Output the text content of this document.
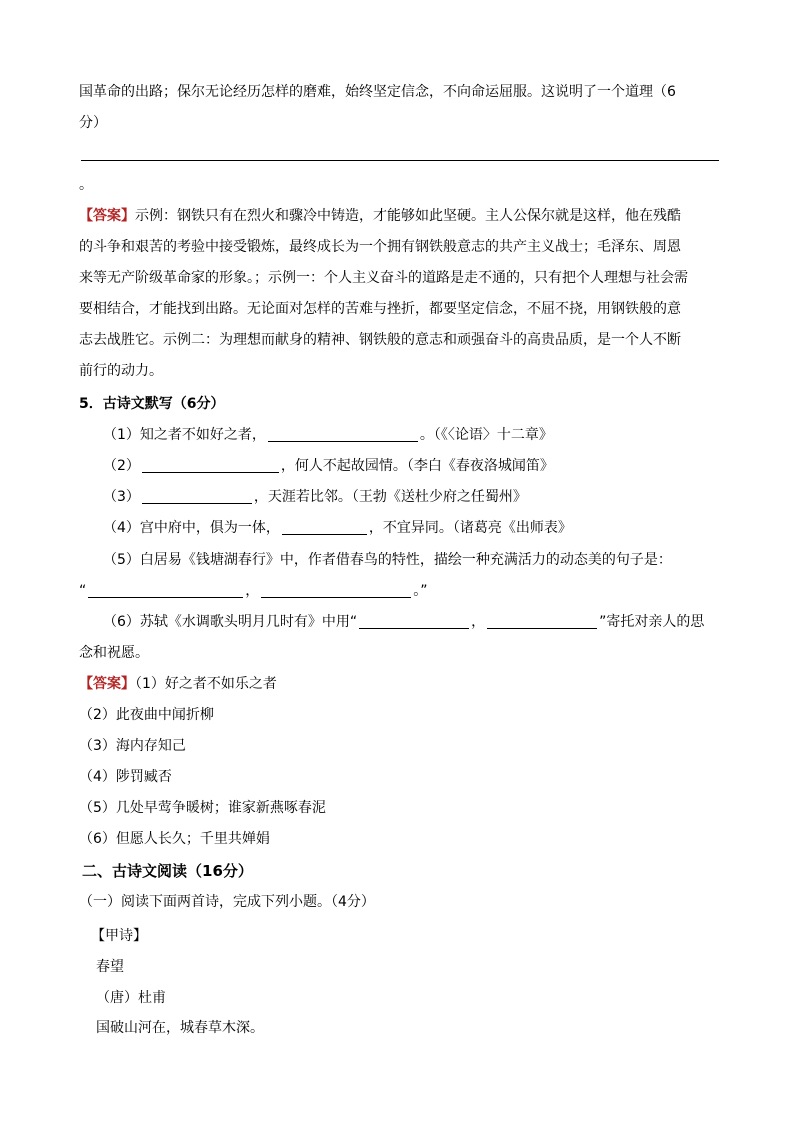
国革命的出路；保尔无论经历怎样的磨难，始终坚定信念，不向命运屈服。这说明了一个道理（6
分）
。
【答案】示例：钢铁只有在烈火和骤冷中铸造，才能够如此坚硬。主人公保尔就是这样，他在残酷
的斗争和艰苦的考验中接受锻炼，最终成长为一个拥有钢铁般意志的共产主义战士；毛泽东、周恩
来等无产阶级革命家的形象。；示例一：个人主义奋斗的道路是走不通的，只有把个人理想与社会需
要相结合，才能找到出路。无论面对怎样的苦难与挫折，都要坚定信念，不屈不挠，用钢铁般的意
志去战胜它。示例二：为理想而献身的精神、钢铁般的意志和顽强奋斗的高贵品质，是一个人不断
前行的动力。
5．古诗文默写（6分）
（1）知之者不如好之者，	。（《〈论语〉十二章》
（2）	，何人不起故园情。（李白《春夜洛城闻笛》
（3）	，天涯若比邻。（王勃《送杜少府之任蜀州》
（4）宫中府中，俱为一体，	，不宜异同。（诸葛亮《出师表》
（5）白居易《钱塘湖春行》中，作者借春鸟的特性，描绘一种充满活力的动态美的句子是：
“	，	。”
（6）苏轼《水调歌头明月几时有》中用“	，	”寄托对亲人的思
念和祝愿。
【答案】（1）好之者不如乐之者
（2）此夜曲中闻折柳
（3）海内存知己
（4）陟罚臧否
（5）几处早莺争暖树；谁家新燕啄春泥
（6）但愿人长久；千里共婵娟
二、古诗文阅读（16分）
（一）阅读下面两首诗，完成下列小题。（4分）
【甲诗】
春望
（唐）杜甫
国破山河在，城春草木深。
